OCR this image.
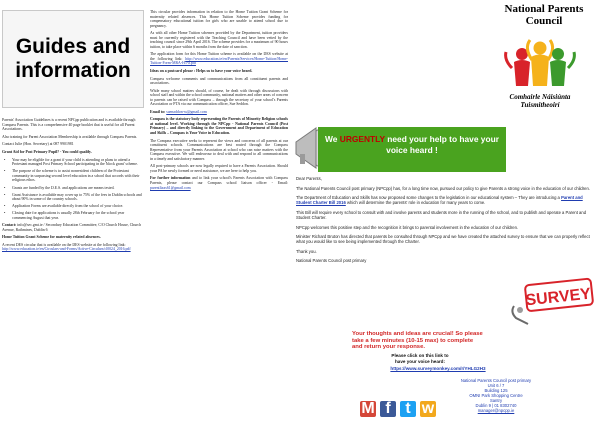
Guides and
information

Parents' Association Guidelines is a recent NPCpp publication and is available through Compass Parents. This is a comprehensive 40 page booklet that is useful for all Parent Associations.

Also training for Parent Association Membership is available through Compass Parents.

Contact Julie (Hon. Secretary) at 087 9901981

Grant Aid for Post Primary Pupil? - You could qualify.

• Your may be eligible for a grant if your child is attending or plans to attend a Protestant managed Post Primary School participating in the 'block grant' scheme.
• The purpose of the scheme is to assist nonresident children of the Protestant community in surpassing second level education in a school that accords with their religious ethos.
• Grants are funded by the D.E.S. and applications are means tested.
• Grant Assistance is available may cover up to 75% of the fees in Dublin schools and about 90% in some of the country schools.
• Application Forms are available directly from the school of your choice.
• Closing date for applications is usually 28th February for the school year commencing August that year.

Contact: info@sec.gmt.ie / Secondary Education Committee, C/O Church House, Church Avenue, Rathmines, Dublin 6

Home Tuition Grant Scheme for maternity related absences.

A recent DES circular that is available on the DES website at the following link: http://www.education.ie/en/Circulars-and-Forms/Active-Circulars/cl0024_2016.pdf

This circular provides information in relation to the Home Tuition Grant Scheme for maternity related absences. This Home Tuition Scheme provides funding for compensatory educational tuition for girls who are unable to attend school due to pregnancy.

As with all other Home Tuition schemes provided by the Department, tuition providers must be currently registered with the Teaching Council and have been vetted by the teaching council since 29th April 2016. The scheme provides for a maximum of 90 hours tuition, to take place within 6 months from the date of sanction.

The application form for this Home Tuition scheme is available on the DES website at the following link: http://www.education.ie/en/Parents/Services/Home-Tuition/Home-Tuition-Form-MRA-HT-a.pdf

Ideas on a postcard please : Helps us to have your voice heard.

Compass welcome comments and communications from all constituent parents and associations.

While many school matters should, of course, be dealt with through discussions with school staff and within the school community, national matters and other areas of concern to parents can be raised with Compass – through the secretary of your school's Parents Association or PTA via our communication officer, Sue Seddon.

Email to: suenaddon-ss@gmail.com

Compass is the statutory body representing the Parents of Minority Religion schools at national level. Working through the NPCpp - National Parents Council (Post Primary) – and directly linking to the Government and Department of Education and Skills – Compass is Your Voice in Education.

The Compass executive seeks to represent the views and concerns of all parents at our constituent schools. Communications are best routed through the Compass Representative from your Parents Association at school who can raise matters with the Compass executive. We will endeavour to deal with and respond to all communications in a timely and satisfactory manner.

All post-primary schools are now legally required to have a Parents Association. Should your PA be newly formed or need assistance, we are here to help you.

For further information and to link your school's Parents Association with Compass Parents, please contact our Compass school liaison officer - Email: parentliaxs61@gmail.com

National Parents Council
Comhairle Náisiúnta Tuismitheoirí
We URGENTLY need your help to have your voice heard !

Dear Parents,

The National Parents Council post primary (NPCpp) has, for a long time now, pursued our policy to give Parents a strong voice in the education of our children.

The Department of Education and Skills has now proposed some changes to the legislation in our educational system – They are introducing a Parent and Student Charter Bill 2016 which will determine the parents' role in education for many years to come.

This Bill will require every school to consult with and involve parents and students more in the running of the school, and to publish and operate a Parent and Student Charter.

NPCpp welcomes this positive step and the recognition it brings to parental involvement in the education of our children.

Minister Richard Bruton has directed that parents be consulted through NPCpp and we have created the attached survey to ensure that we can properly reflect what you would like to see being implemented through the Charter.

Thank you.

National Parents Council post primary

SURVEY
Your thoughts and ideas are crucial! So please take a few minutes (10-15 max) to complete and return your response.
Please click on this link to
have your voice heard:
https://www.surveymonkey.com/r/YHLG2H3
National Parents Council post primary
Unit 6 / 7
Building 125
OMNI Park Shopping Centre
Santry
Dublin 9 | 01 8302740
manager@npcpp.ie
M f t w
